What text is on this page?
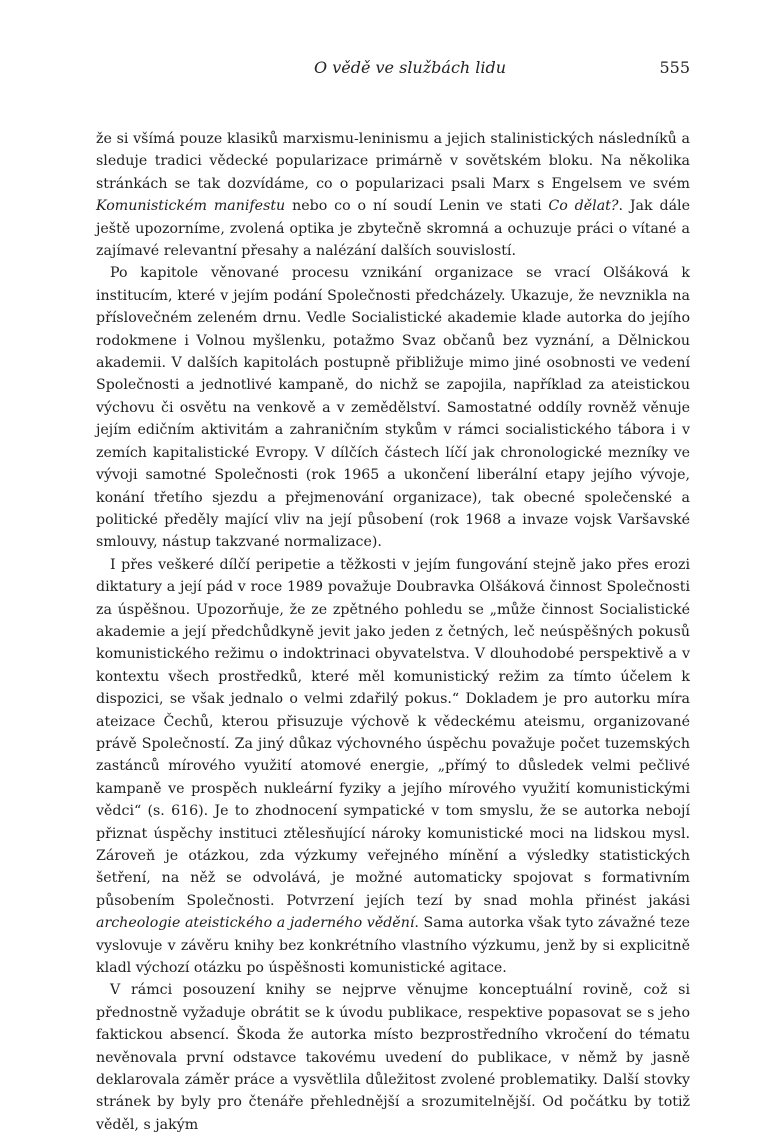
O vědě ve službách lidu	555

že si všímá pouze klasiků marxismu-leninismu a jejich stalinistických následníků a sleduje tradici vědecké popularizace primárně v sovětském bloku. Na několika stránkách se tak dozvídáme, co o popularizaci psali Marx s Engelsem ve svém Komunistickém manifestu nebo co o ní soudí Lenin ve stati Co dělat?. Jak dále ještě upozorníme, zvolená optika je zbytečně skromná a ochuzuje práci o vítané a zajímavé relevantní přesahy a nalézání dalších souvislostí.

Po kapitole věnované procesu vznikání organizace se vrací Olšáková k institucím, které v jejím podání Společnosti předcházely. Ukazuje, že nevznikla na příslovečném zeleném drnu. Vedle Socialistické akademie klade autorka do jejího rodokmene i Volnou myšlenku, potažmo Svaz občanů bez vyznání, a Dělnickou akademii. V dalších kapitolách postupně přibližuje mimo jiné osobnosti ve vedení Společnosti a jednotlivé kampaně, do nichž se zapojila, například za ateistickou výchovu či osvětu na venkově a v zemědělství. Samostatné oddíly rovněž věnuje jejím edičním aktivitám a zahraničním stykům v rámci socialistického tábora i v zemích kapitalistické Evropy. V dílčích částech líčí jak chronologické mezníky ve vývoji samotné Společnosti (rok 1965 a ukončení liberální etapy jejího vývoje, konání třetího sjezdu a přejmenování organizace), tak obecné společenské a politické předěly mající vliv na její působení (rok 1968 a invaze vojsk Varšavské smlouvy, nástup takzvané normalizace).

I přes veškeré dílčí peripetie a těžkosti v jejím fungování stejně jako přes erozi diktatury a její pád v roce 1989 považuje Doubravka Olšáková činnost Společnosti za úspěšnou. Upozorňuje, že ze zpětného pohledu se „může činnost Socialistické akademie a její předchůdkyně jevit jako jeden z četných, leč neúspěšných pokusů komunistického režimu o indoktrinaci obyvatelstva. V dlouhodobé perspektivě a v kontextu všech prostředků, které měl komunistický režim za tímto účelem k dispozici, se však jednalo o velmi zdařilý pokus.“ Dokladem je pro autorku míra ateizace Čechů, kterou přisuzuje výchově k vědeckému ateismu, organizované právě Společností. Za jiný důkaz výchovného úspěchu považuje počet tuzemských zastánců mírového využití atomové energie, „přímý to důsledek velmi pečlivé kampaně ve prospěch nukleární fyziky a jejího mírového využití komunistickými vědci“ (s. 616). Je to zhodnocení sympatické v tom smyslu, že se autorka nebojí přiznat úspěchy instituci ztělesňující nároky komunistické moci na lidskou mysl. Zároveň je otázkou, zda výzkumy veřejného mínění a výsledky statistických šetření, na něž se odvolává, je možné automaticky spojovat s formativním působením Společnosti. Potvrzení jejích tezí by snad mohla přinést jakási archeologie ateistického a jaderného vědění. Sama autorka však tyto závažné teze vyslovuje v závěru knihy bez konkrétního vlastního výzkumu, jenž by si explicitně kladl výchozí otázku po úspěšnosti komunistické agitace.

V rámci posouzení knihy se nejprve věnujme konceptuální rovině, což si přednostně vyžaduje obrátit se k úvodu publikace, respektive popasovat se s jeho faktickou absencí. Škoda že autorka místo bezprostředního vkročení do tématu nevěnovala první odstavce takovému uvedení do publikace, v němž by jasně deklarovala záměr práce a vysvětlila důležitost zvolené problematiky. Další stovky stránek by byly pro čtenáře přehlednější a srozumitelnější. Od počátku by totiž věděl, s jakým
